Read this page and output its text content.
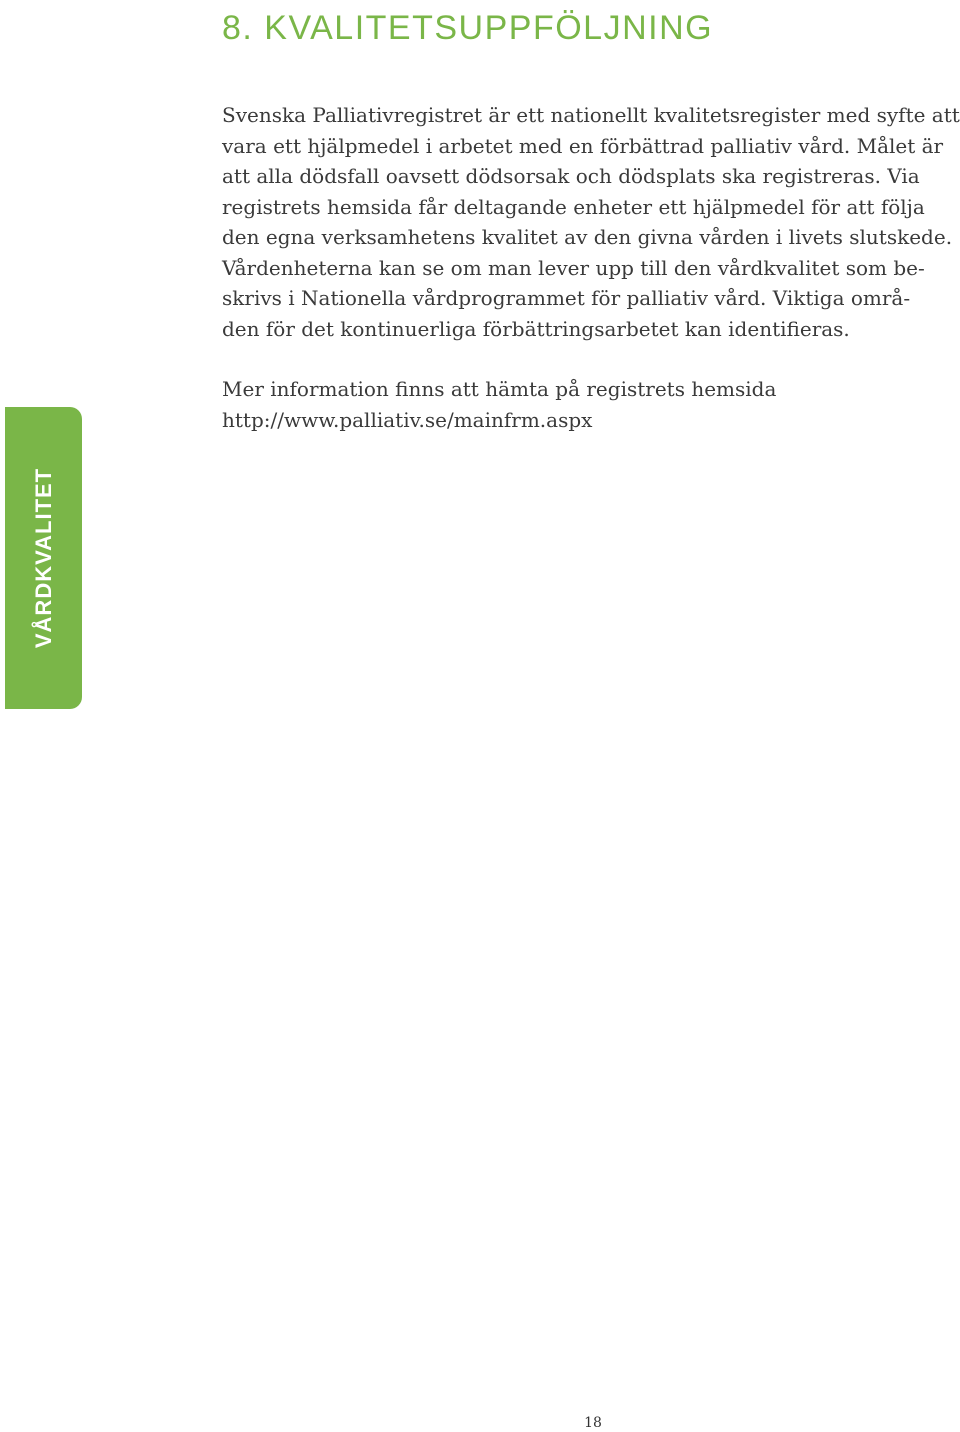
8. KVALITETSUPPFÖLJNING
Svenska Palliativregistret är ett nationellt kvalitetsregister med syfte att
vara ett hjälpmedel i arbetet med en förbättrad palliativ vård. Målet är
att alla dödsfall oavsett dödsorsak och dödsplats ska registreras. Via
registrets hemsida får deltagande enheter ett hjälpmedel för att följa
den egna verksamhetens kvalitet av den givna vården i livets slutskede.
Vårdenheterna kan se om man lever upp till den vårdkvalitet som be-
skrivs i Nationella vårdprogrammet för palliativ vård. Viktiga områ-
den för det kontinuerliga förbättringsarbetet kan identifieras.
Mer information finns att hämta på registrets hemsida
http://www.palliativ.se/mainfrm.aspx
VÅRDKVALITET
18
